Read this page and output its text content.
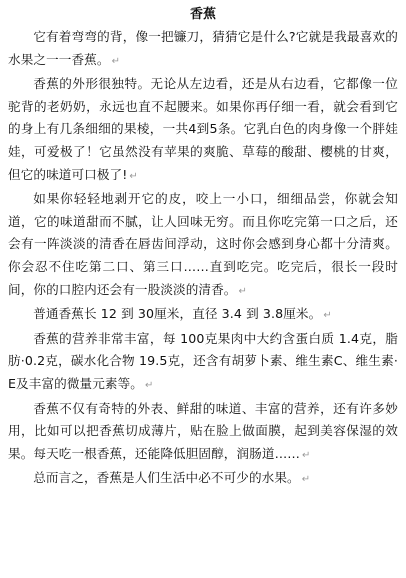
香蕉

它有着弯弯的背，像一把镰刀，猜猜它是什么?它就是我最喜欢的水果之一一香蕉。 ↵

香蕉的外形很独特。无论从左边看，还是从右边看，它都像一位驼背的老奶奶，永远也直不起腰来。如果你再仔细一看，就会看到它的身上有几条细细的果棱，一共4到5条。它乳白色的肉身像一个胖娃娃，可爱极了！它虽然没有苹果的爽脆、草莓的酸甜、樱桃的甘爽，但它的味道可口极了! ↵

如果你轻轻地剥开它的皮，咬上一小口，细细品尝，你就会知道，它的味道甜而不腻，让人回味无穷。而且你吃完第一口之后，还会有一阵淡淡的清香在唇齿间浮动，这时你会感到身心都十分清爽。你会忍不住吃第二口、第三口……直到吃完。吃完后，很长一段时间，你的口腔内还会有一股淡淡的清香。 ↵

普通香蕉长 12 到 30厘米，直径 3.4 到 3.8厘米。 ↵

香蕉的营养非常丰富，每 100克果肉中大约含蛋白质 1.4克，脂肪·0.2克，碳水化合物 19.5克，还含有胡萝卜素、维生素C、维生素·E及丰富的微量元素等。 ↵

香蕉不仅有奇特的外表、鲜甜的味道、丰富的营养，还有许多妙用，比如可以把香蕉切成薄片，贴在脸上做面膜，起到美容保湿的效果。每天吃一根香蕉，还能降低胆固醇，润肠道…… ↵

总而言之，香蕉是人们生活中必不可少的水果。 ↵
